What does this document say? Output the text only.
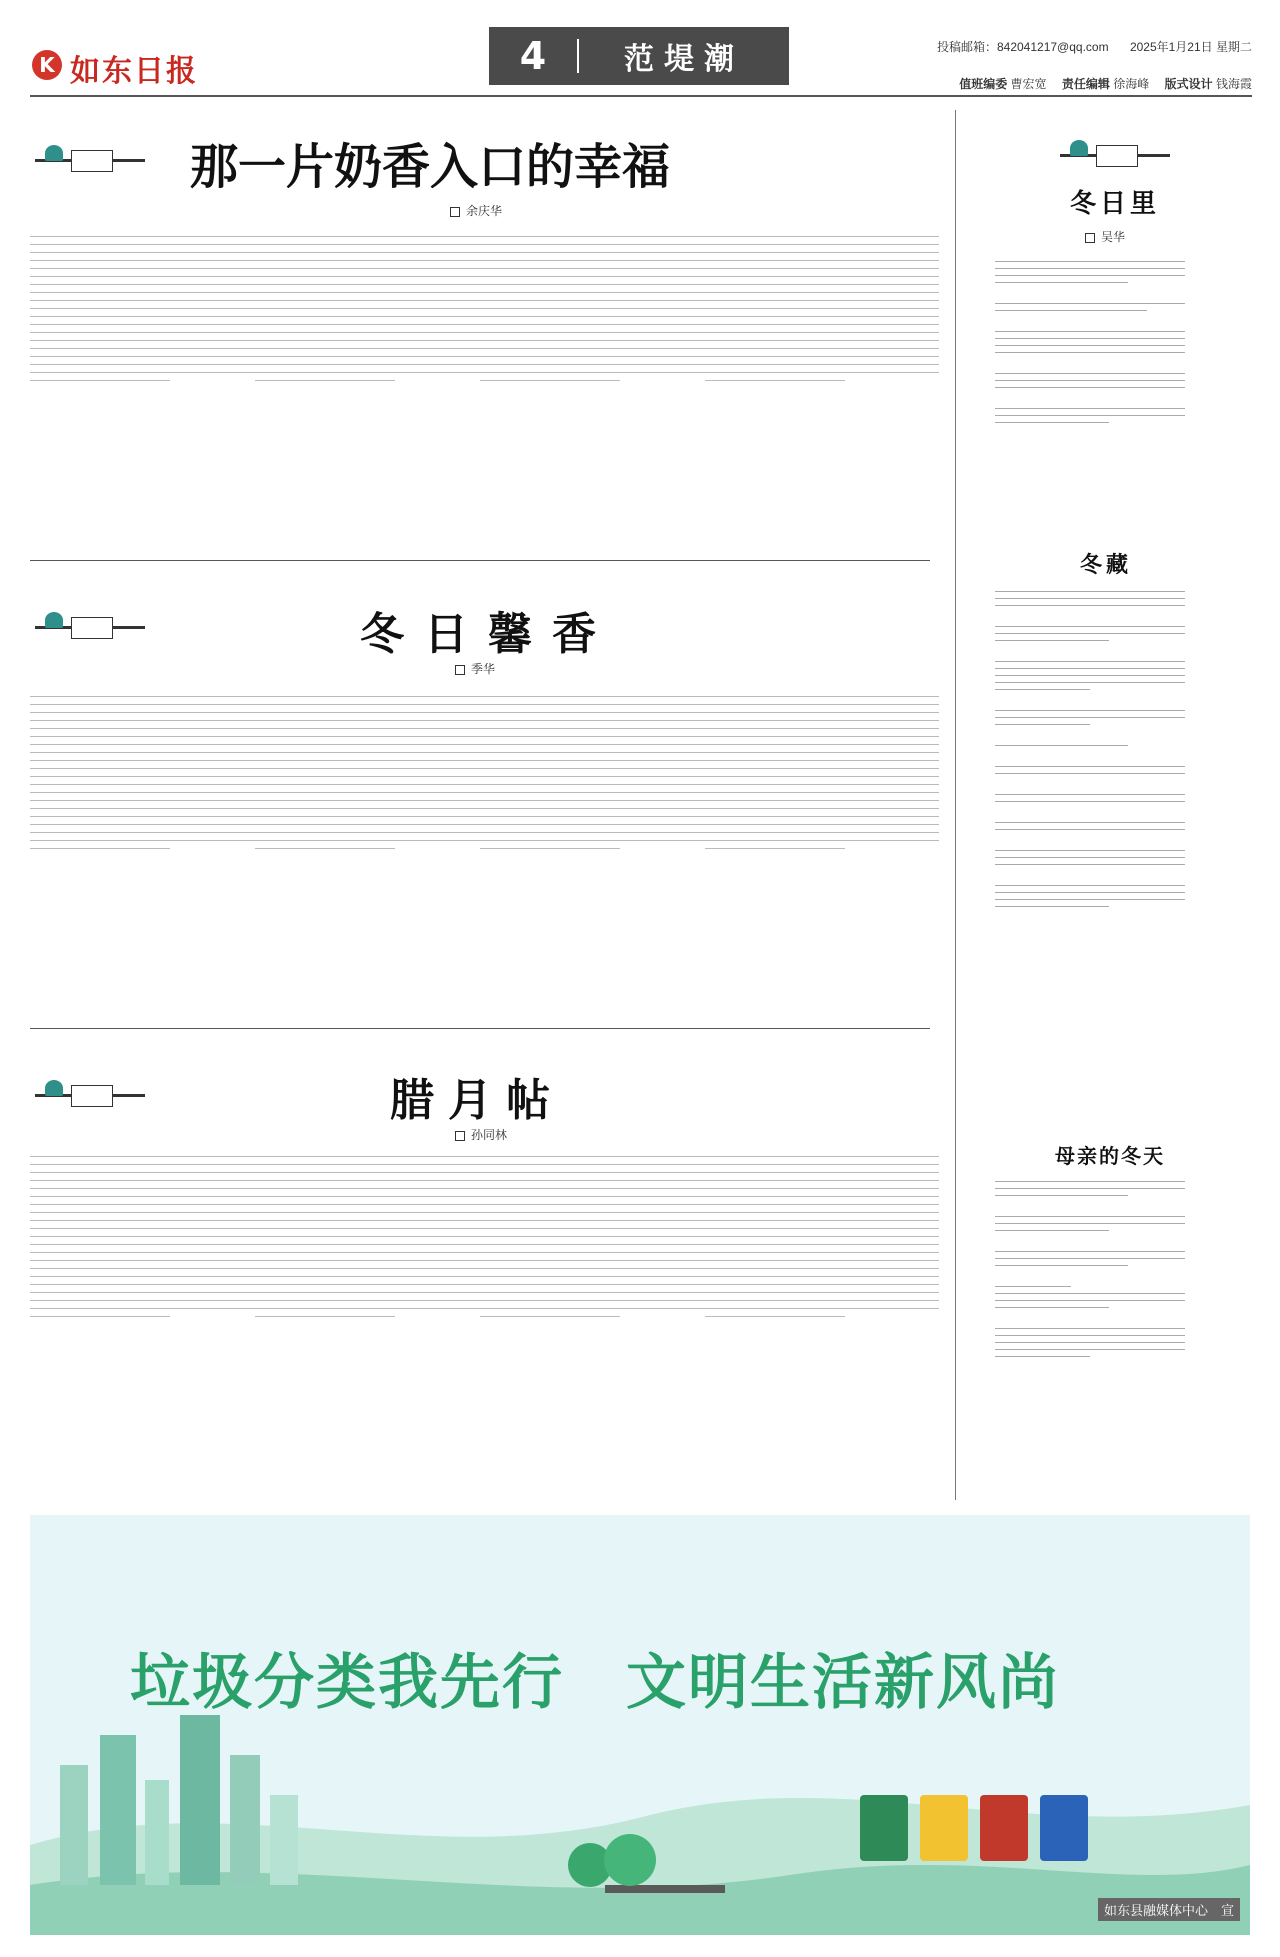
K 如东日报	4	范堤潮	投稿邮箱：842041217@qq.com 2025年1月21日 星期二
值班编委 曹宏宽 责任编辑 徐海峰 版式设计 钱海霞
那一片奶香入口的幸福
余庆华
冬日馨香
季华
腊月帖
孙同林
冬日里
吴华
冬藏
母亲的冬天
垃圾分类我先行　文明生活新风尚
如东县融媒体中心　宣
